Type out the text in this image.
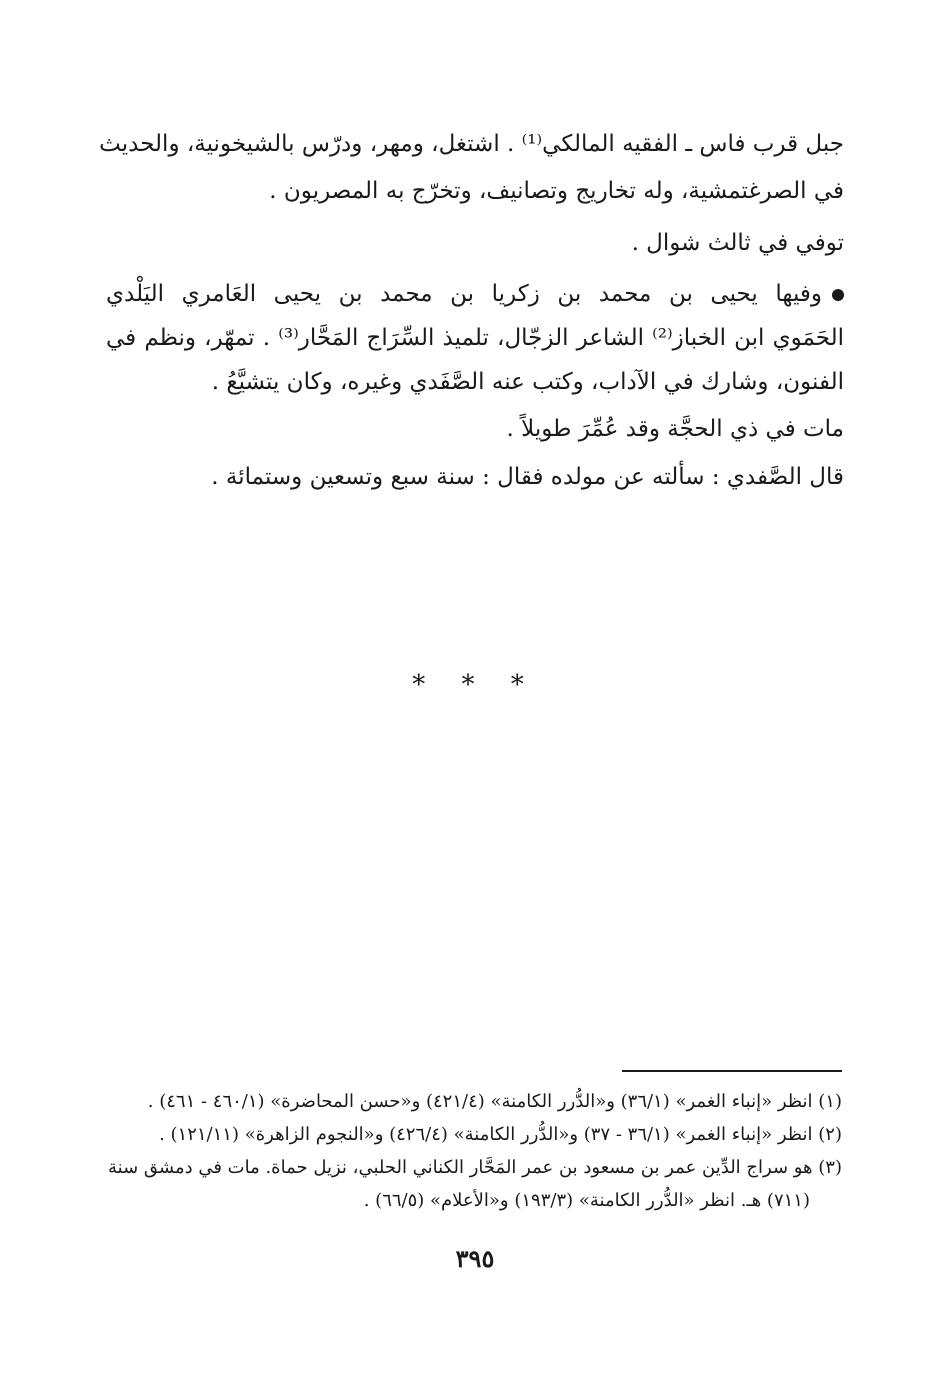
جبل قرب فاس ـ الفقيه المالكي⁽¹⁾ . اشتغل، ومهر، ودرّس بالشيخونية، والحديث
في الصرغتمشية، وله تخاريج وتصانيف، وتخرّج به المصريون .
توفي في ثالث شوال .
وفيها يحيى بن محمد بن زكريا بن محمد بن يحيى العَامري اليَلْدي
الحَمَوي ابن الخباز⁽²⁾ الشاعر الزجّال، تلميذ السِّرَاج المَحَّار⁽³⁾ . تمهّر، ونظم في
الفنون، وشارك في الآداب، وكتب عنه الصَّفَدي وغيره، وكان يتشيَّعُ .
مات في ذي الحجَّة وقد عُمِّرَ طويلاً .
قال الصَّفدي : سألته عن مولده فقال : سنة سبع وتسعين وستمائة .
* * *
(١) انظر «إنباء الغمر» (٣٦/١) و«الدُّرر الكامنة» (٤٢١/٤) و«حسن المحاضرة» (٤٦٠/١ - ٤٦١) .
(٢) انظر «إنباء الغمر» (٣٦/١ - ٣٧) و«الدُّرر الكامنة» (٤٢٦/٤) و«النجوم الزاهرة» (١٢١/١١) .
(٣) هو سراج الدِّين عمر بن مسعود بن عمر المَحَّار الكناني الحلبي، نزيل حماة. مات في دمشق سنة
(٧١١) هـ. انظر «الدُّرر الكامنة» (١٩٣/٣) و«الأعلام» (٦٦/٥) .
٣٩٥
